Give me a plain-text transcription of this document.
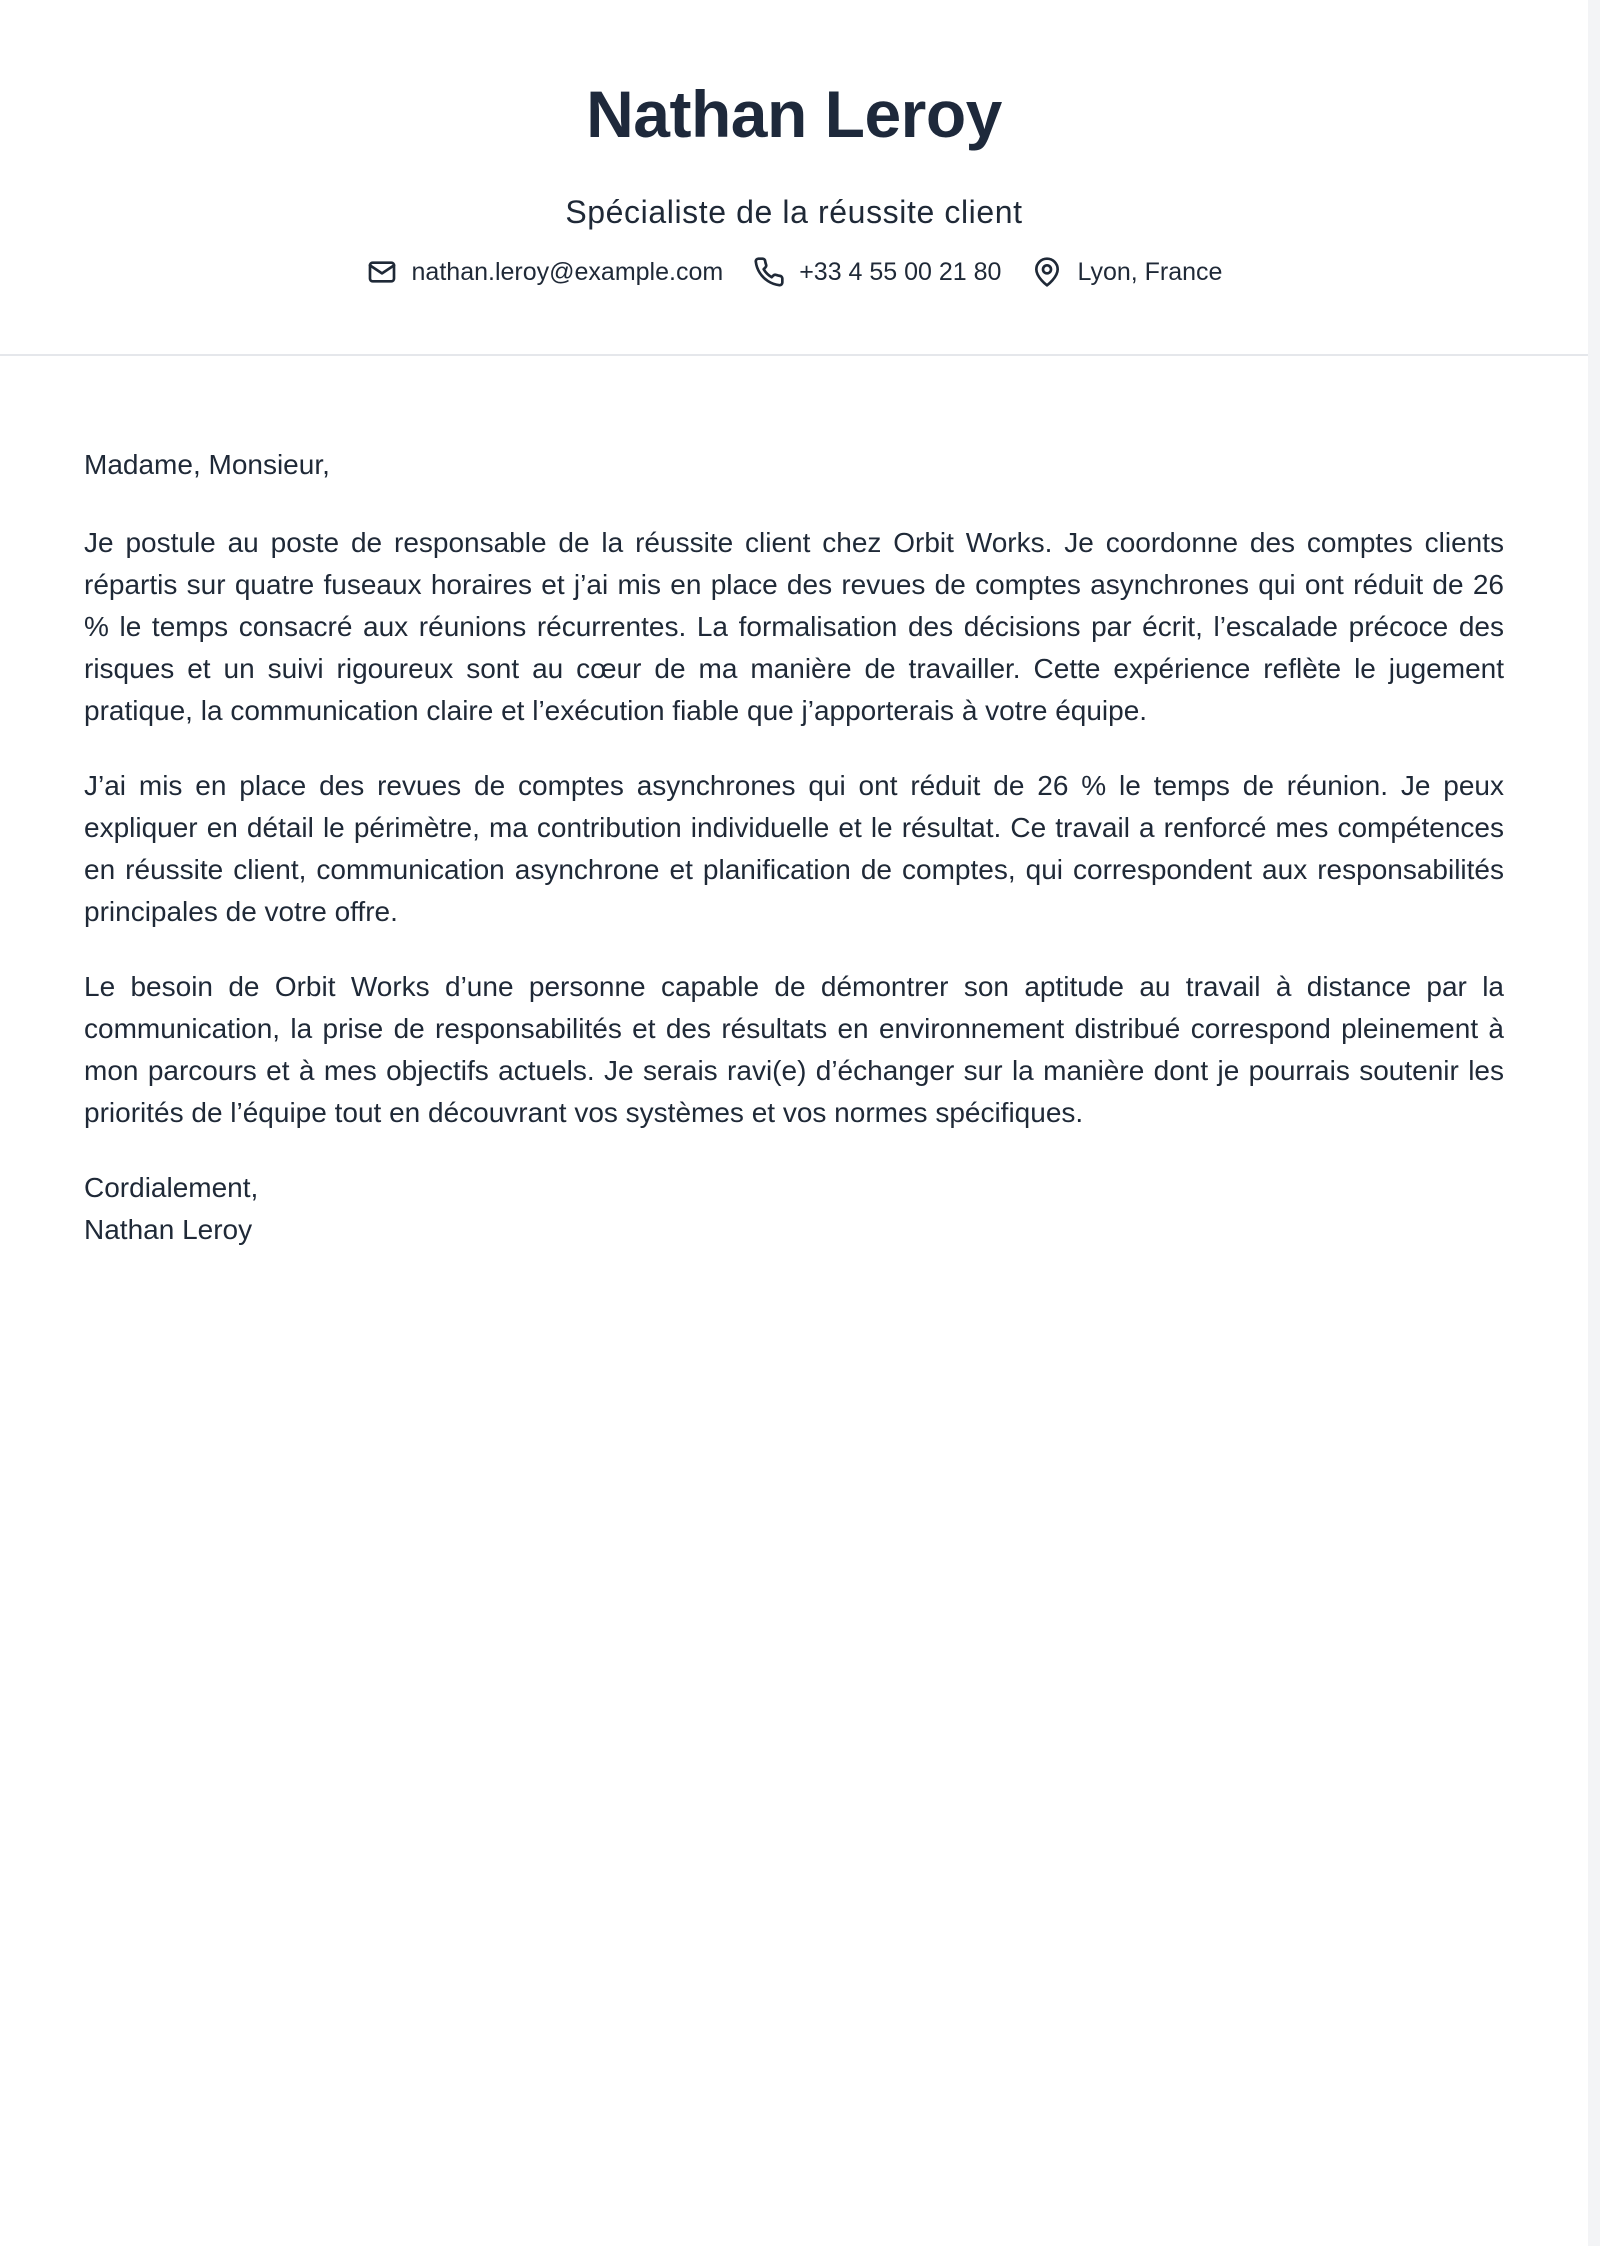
Nathan Leroy

Spécialiste de la réussite client

nathan.leroy@example.com	+33 4 55 00 21 80	Lyon, France

Madame, Monsieur,

Je postule au poste de responsable de la réussite client chez Orbit Works. Je coordonne des comptes clients répartis sur quatre fuseaux horaires et j’ai mis en place des revues de comptes asynchrones qui ont réduit de 26 % le temps consacré aux réunions récurrentes. La formalisation des décisions par écrit, l’escalade précoce des risques et un suivi rigoureux sont au cœur de ma manière de travailler. Cette expérience reflète le jugement pratique, la communication claire et l’exécution fiable que j’apporterais à votre équipe.

J’ai mis en place des revues de comptes asynchrones qui ont réduit de 26 % le temps de réunion. Je peux expliquer en détail le périmètre, ma contribution individuelle et le résultat. Ce travail a renforcé mes compétences en réussite client, communication asynchrone et planification de comptes, qui correspondent aux responsabilités principales de votre offre.

Le besoin de Orbit Works d’une personne capable de démontrer son aptitude au travail à distance par la communication, la prise de responsabilités et des résultats en environnement distribué correspond pleinement à mon parcours et à mes objectifs actuels. Je serais ravi(e) d’échanger sur la manière dont je pourrais soutenir les priorités de l’équipe tout en découvrant vos systèmes et vos normes spécifiques.

Cordialement,

Nathan Leroy
